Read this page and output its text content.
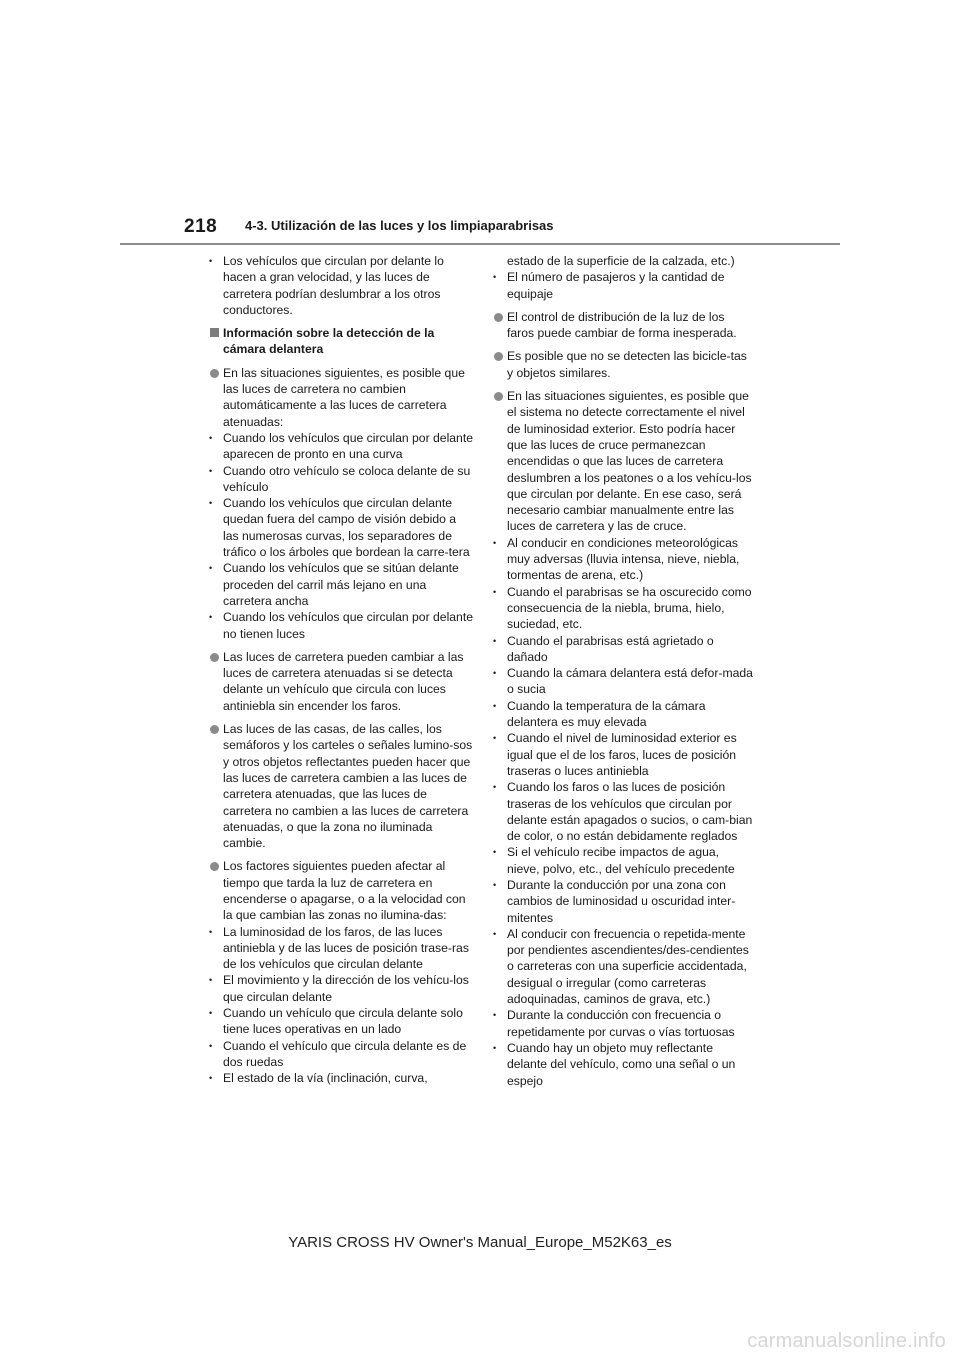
218 4-3. Utilización de las luces y los limpiaparabrisas
• Los vehículos que circulan por delante lo hacen a gran velocidad, y las luces de carretera podrían deslumbrar a los otros conductores.
Información sobre la detección de la cámara delantera
En las situaciones siguientes, es posible que las luces de carretera no cambien automáticamente a las luces de carretera atenuadas:
• Cuando los vehículos que circulan por delante aparecen de pronto en una curva
• Cuando otro vehículo se coloca delante de su vehículo
• Cuando los vehículos que circulan delante quedan fuera del campo de visión debido a las numerosas curvas, los separadores de tráfico o los árboles que bordean la carre-tera
• Cuando los vehículos que se sitúan delante proceden del carril más lejano en una carretera ancha
• Cuando los vehículos que circulan por delante no tienen luces
Las luces de carretera pueden cambiar a las luces de carretera atenuadas si se detecta delante un vehículo que circula con luces antiniebla sin encender los faros.
Las luces de las casas, de las calles, los semáforos y los carteles o señales lumino-sos y otros objetos reflectantes pueden hacer que las luces de carretera cambien a las luces de carretera atenuadas, que las luces de carretera no cambien a las luces de carretera atenuadas, o que la zona no iluminada cambie.
Los factores siguientes pueden afectar al tiempo que tarda la luz de carretera en encenderse o apagarse, o a la velocidad con la que cambian las zonas no ilumina-das:
• La luminosidad de los faros, de las luces antiniebla y de las luces de posición trase-ras de los vehículos que circulan delante
• El movimiento y la dirección de los vehícu-los que circulan delante
• Cuando un vehículo que circula delante solo tiene luces operativas en un lado
• Cuando el vehículo que circula delante es de dos ruedas
• El estado de la vía (inclinación, curva,
estado de la superficie de la calzada, etc.)
• El número de pasajeros y la cantidad de equipaje
El control de distribución de la luz de los faros puede cambiar de forma inesperada.
Es posible que no se detecten las bicicle-tas y objetos similares.
En las situaciones siguientes, es posible que el sistema no detecte correctamente el nivel de luminosidad exterior. Esto podría hacer que las luces de cruce permanezcan encendidas o que las luces de carretera deslumbren a los peatones o a los vehícu-los que circulan por delante. En ese caso, será necesario cambiar manualmente entre las luces de carretera y las de cruce.
• Al conducir en condiciones meteorológicas muy adversas (lluvia intensa, nieve, niebla, tormentas de arena, etc.)
• Cuando el parabrisas se ha oscurecido como consecuencia de la niebla, bruma, hielo, suciedad, etc.
• Cuando el parabrisas está agrietado o dañado
• Cuando la cámara delantera está defor-mada o sucia
• Cuando la temperatura de la cámara delantera es muy elevada
• Cuando el nivel de luminosidad exterior es igual que el de los faros, luces de posición traseras o luces antiniebla
• Cuando los faros o las luces de posición traseras de los vehículos que circulan por delante están apagados o sucios, o cam-bian de color, o no están debidamente reglados
• Si el vehículo recibe impactos de agua, nieve, polvo, etc., del vehículo precedente
• Durante la conducción por una zona con cambios de luminosidad u oscuridad inter-mitentes
• Al conducir con frecuencia o repetida-mente por pendientes ascendientes/des-cendientes o carreteras con una superficie accidentada, desigual o irregular (como carreteras adoquinadas, caminos de grava, etc.)
• Durante la conducción con frecuencia o repetidamente por curvas o vías tortuosas
• Cuando hay un objeto muy reflectante delante del vehículo, como una señal o un espejo
YARIS CROSS HV Owner's Manual_Europe_M52K63_es
carmanualsonline.info
